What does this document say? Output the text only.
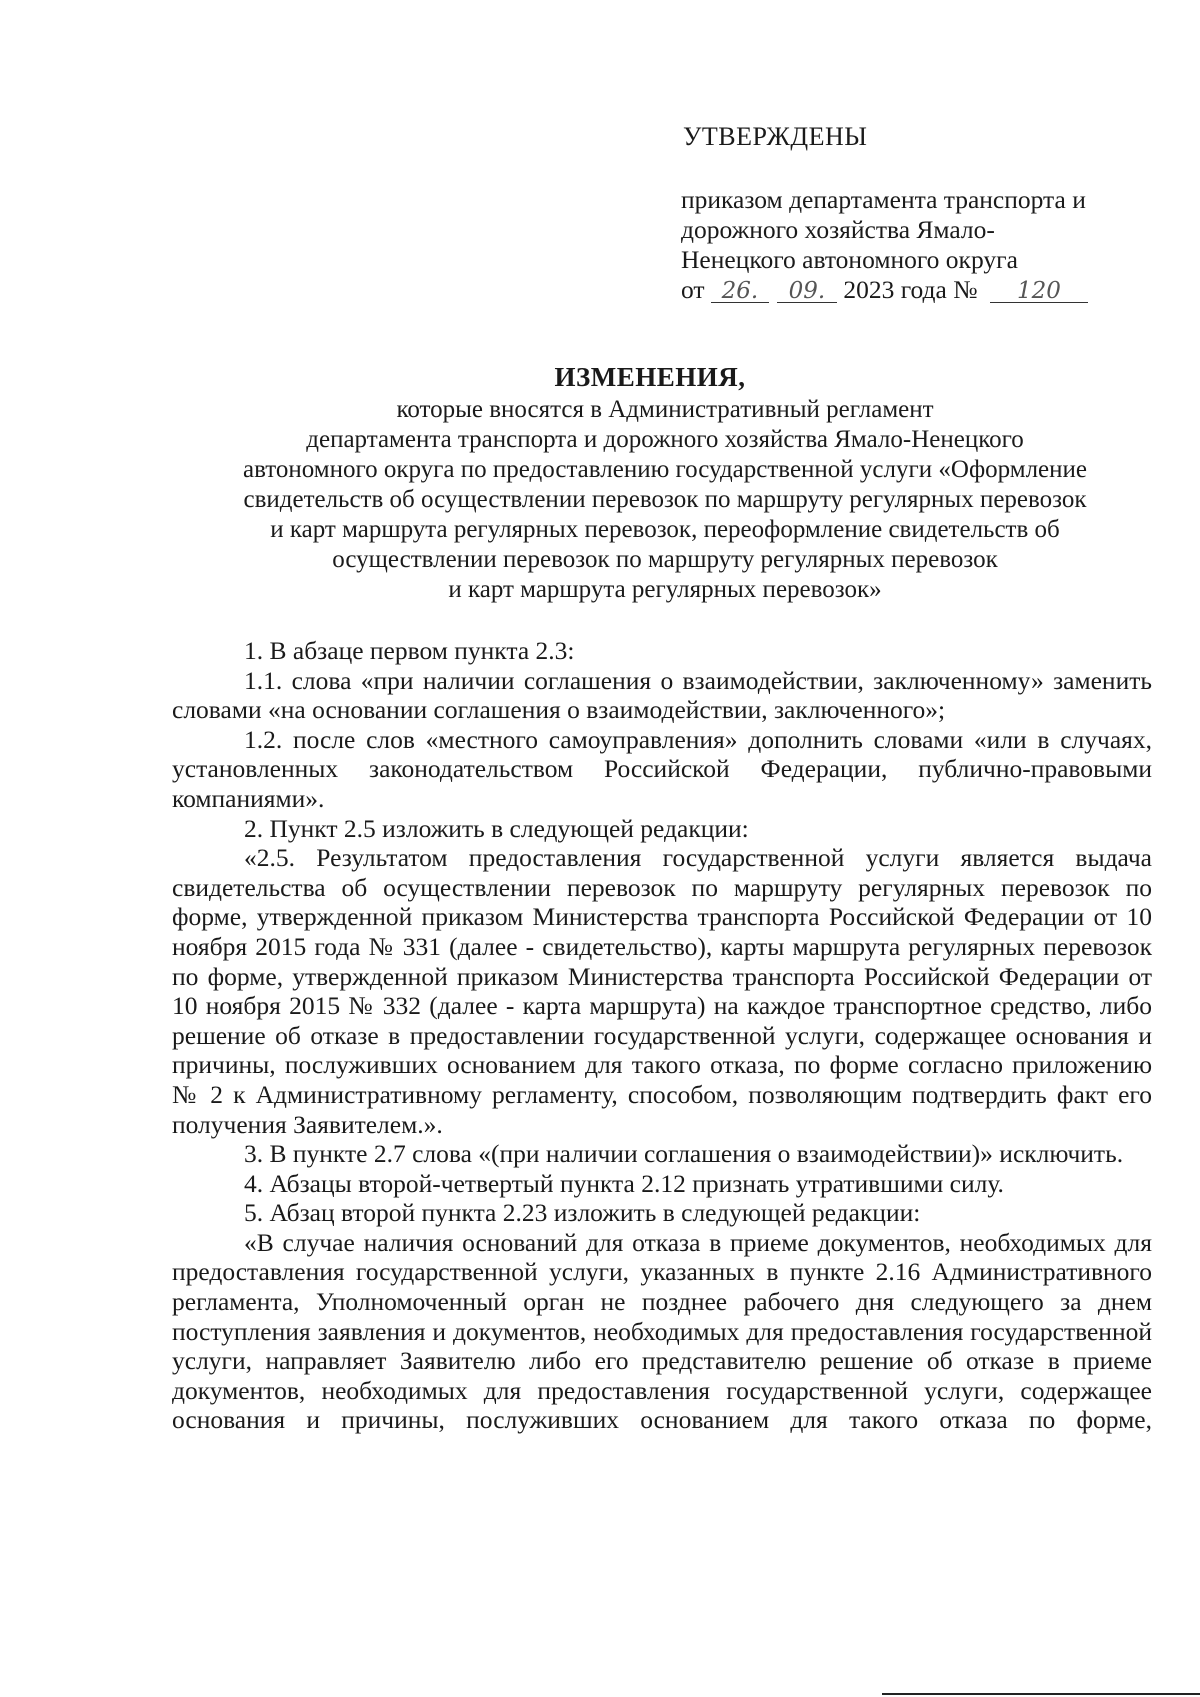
УТВЕРЖДЕНЫ
приказом департамента транспорта и
дорожного хозяйства Ямало-
Ненецкого автономного округа
от 26. 09. 2023 года № 120
ИЗМЕНЕНИЯ,
которые вносятся в Административный регламент
департамента транспорта и дорожного хозяйства Ямало-Ненецкого
автономного округа по предоставлению государственной услуги «Оформление
свидетельств об осуществлении перевозок по маршруту регулярных перевозок
и карт маршрута регулярных перевозок, переоформление свидетельств об
осуществлении перевозок по маршруту регулярных перевозок
и карт маршрута регулярных перевозок»

1. В абзаце первом пункта 2.3:

1.1. слова «при наличии соглашения о взаимодействии, заключенному» заменить словами «на основании соглашения о взаимодействии, заключенного»;

1.2. после слов «местного самоуправления» дополнить словами «или в случаях, установленных законодательством Российской Федерации, публично-правовыми компаниями».

2. Пункт 2.5 изложить в следующей редакции:

«2.5. Результатом предоставления государственной услуги является выдача свидетельства об осуществлении перевозок по маршруту регулярных перевозок по форме, утвержденной приказом Министерства транспорта Российской Федерации от 10 ноября 2015 года № 331 (далее - свидетельство), карты маршрута регулярных перевозок по форме, утвержденной приказом Министерства транспорта Российской Федерации от 10 ноября 2015 № 332 (далее - карта маршрута) на каждое транспортное средство, либо решение об отказе в предоставлении государственной услуги, содержащее основания и причины, послуживших основанием для такого отказа, по форме согласно приложению № 2 к Административному регламенту, способом, позволяющим подтвердить факт его получения Заявителем.».

3. В пункте 2.7 слова «(при наличии соглашения о взаимодействии)» исключить.

4. Абзацы второй-четвертый пункта 2.12 признать утратившими силу.

5. Абзац второй пункта 2.23 изложить в следующей редакции:

«В случае наличия оснований для отказа в приеме документов, необходимых для предоставления государственной услуги, указанных в пункте 2.16 Административного регламента, Уполномоченный орган не позднее рабочего дня следующего за днем поступления заявления и документов, необходимых для предоставления государственной услуги, направляет Заявителю либо его представителю решение об отказе в приеме документов, необходимых для предоставления государственной услуги, содержащее основания и причины, послуживших основанием для такого отказа по форме,
